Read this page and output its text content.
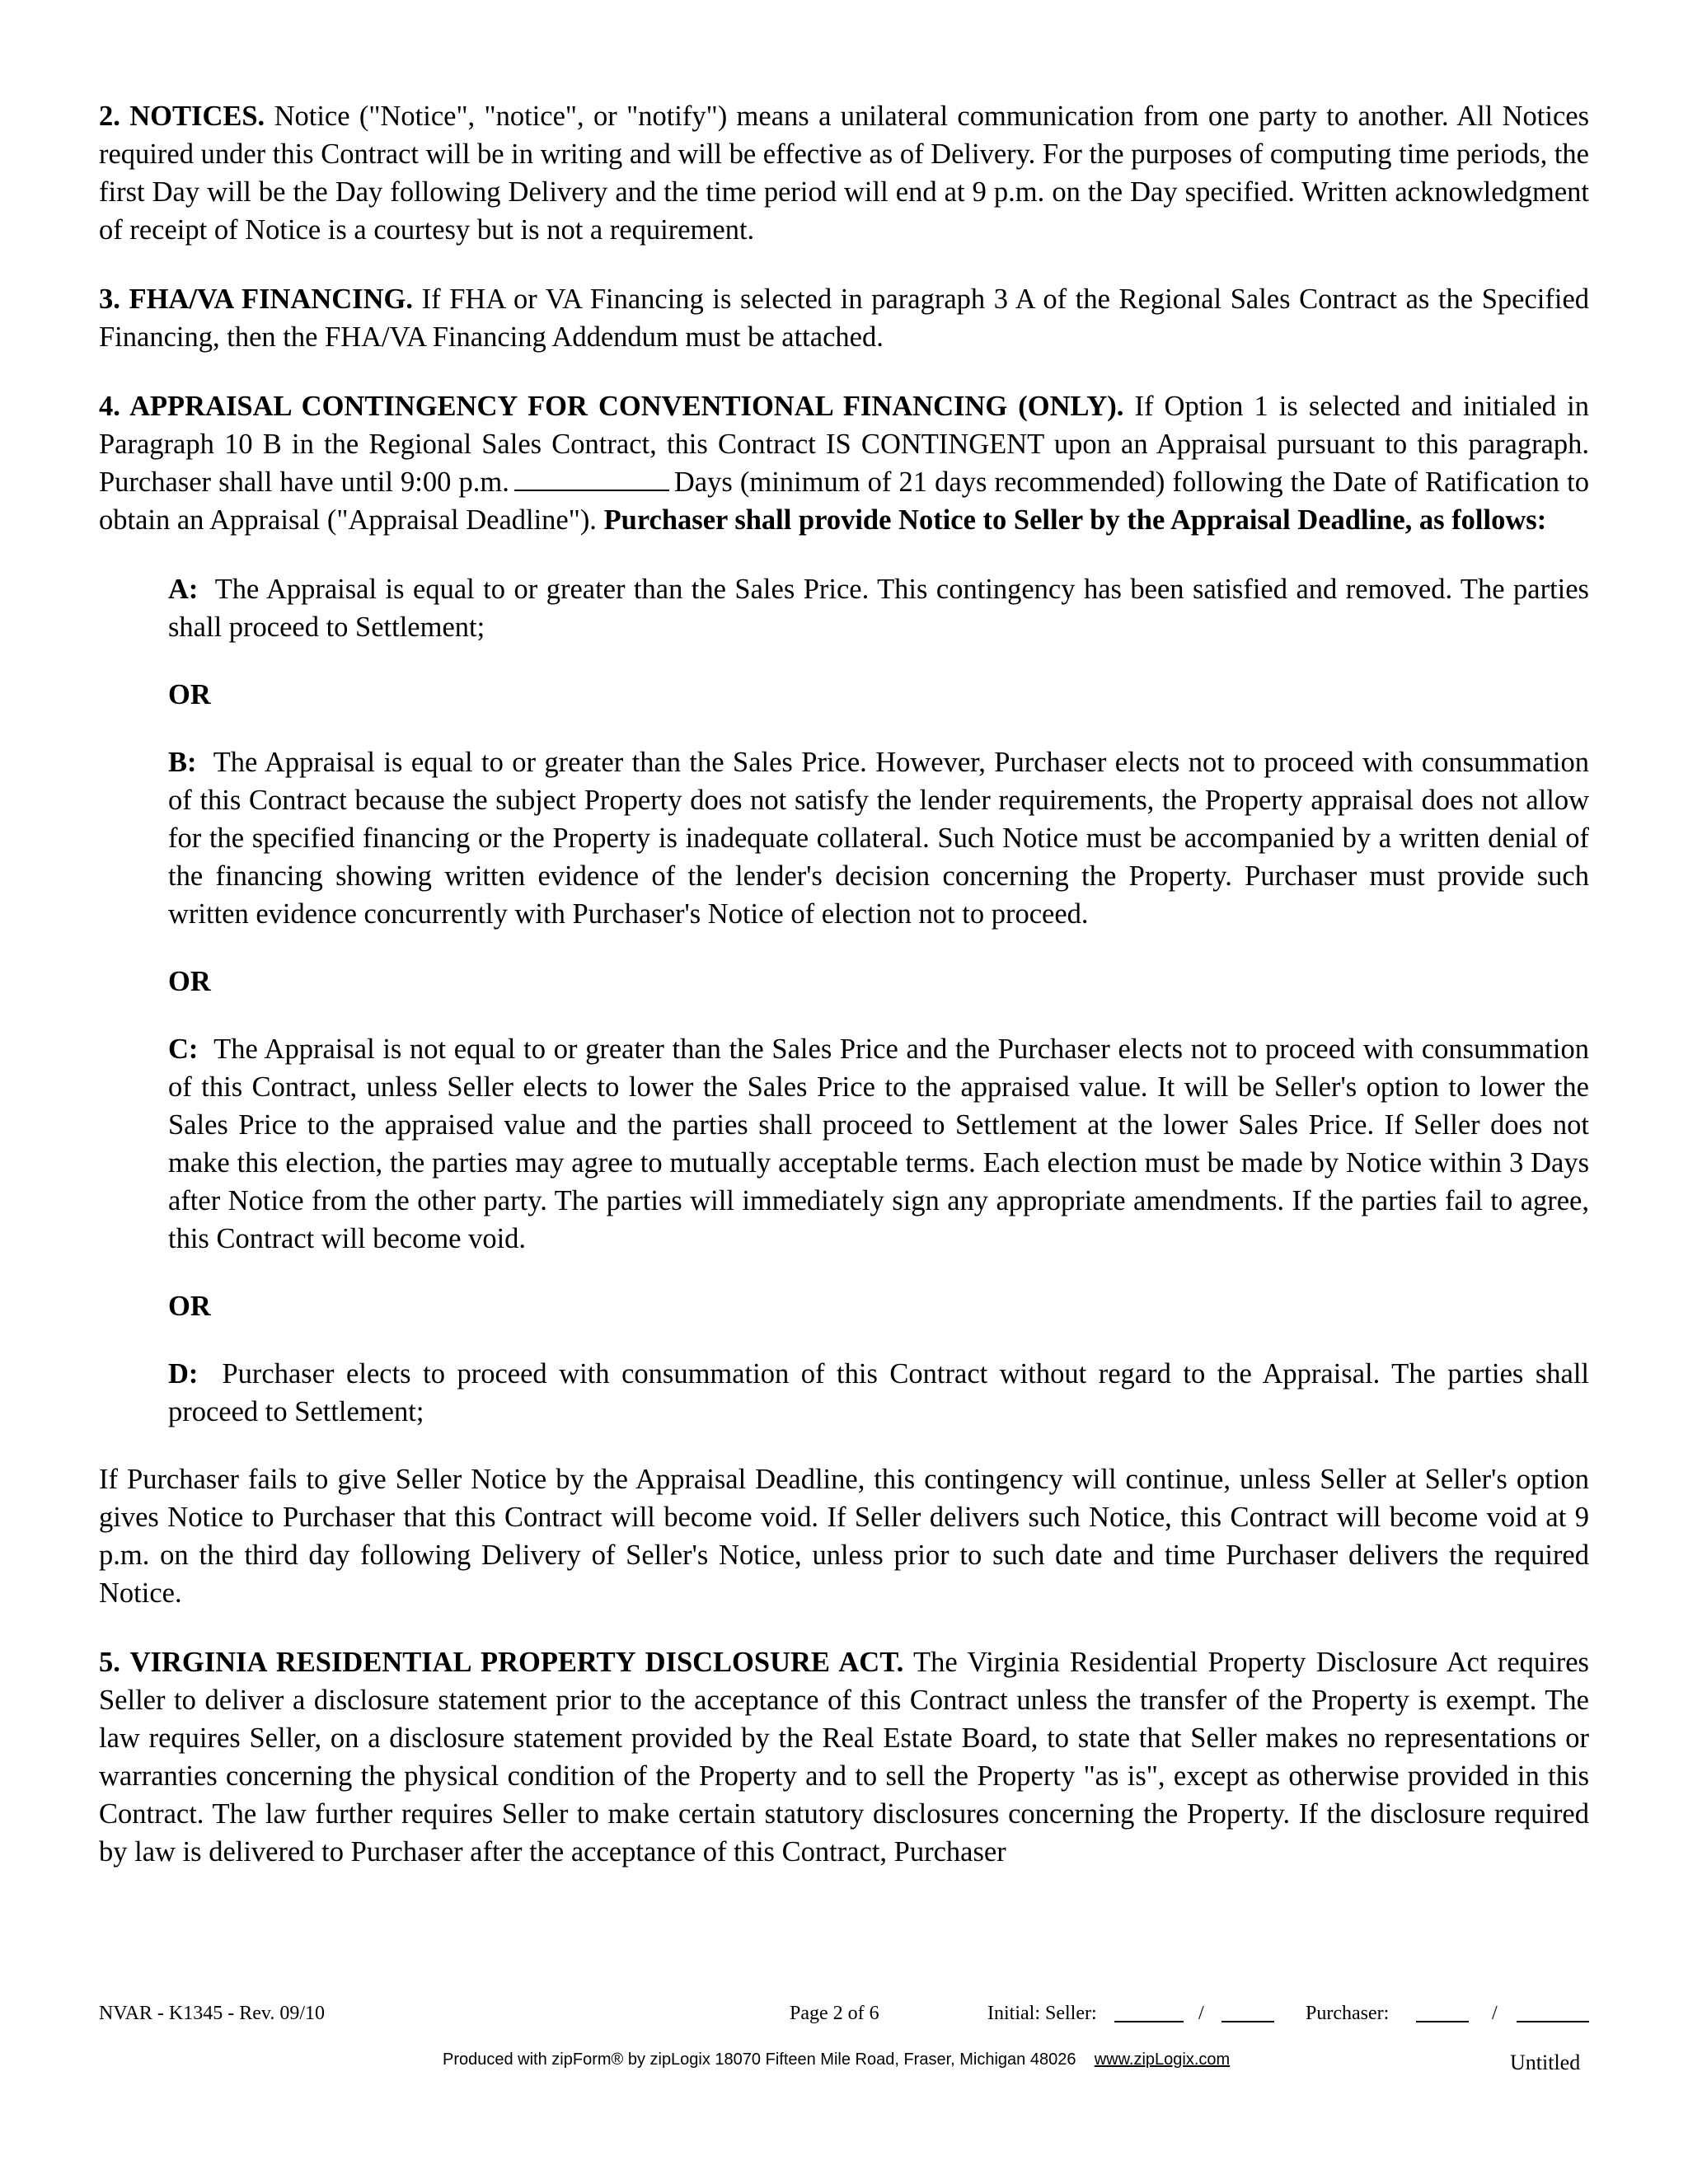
2. NOTICES. Notice ("Notice", "notice", or "notify") means a unilateral communication from one party to another. All Notices required under this Contract will be in writing and will be effective as of Delivery. For the purposes of computing time periods, the first Day will be the Day following Delivery and the time period will end at 9 p.m. on the Day specified. Written acknowledgment of receipt of Notice is a courtesy but is not a requirement.

3. FHA/VA FINANCING. If FHA or VA Financing is selected in paragraph 3 A of the Regional Sales Contract as the Specified Financing, then the FHA/VA Financing Addendum must be attached.

4. APPRAISAL CONTINGENCY FOR CONVENTIONAL FINANCING (ONLY). If Option 1 is selected and initialed in Paragraph 10 B in the Regional Sales Contract, this Contract IS CONTINGENT upon an Appraisal pursuant to this paragraph. Purchaser shall have until 9:00 p.m.	Days (minimum of 21 days recommended) following the Date of Ratification to obtain an Appraisal ("Appraisal Deadline"). Purchaser shall provide Notice to Seller by the Appraisal Deadline, as follows:

A: The Appraisal is equal to or greater than the Sales Price. This contingency has been satisfied and removed. The parties shall proceed to Settlement;

OR

B: The Appraisal is equal to or greater than the Sales Price. However, Purchaser elects not to proceed with consummation of this Contract because the subject Property does not satisfy the lender requirements, the Property appraisal does not allow for the specified financing or the Property is inadequate collateral. Such Notice must be accompanied by a written denial of the financing showing written evidence of the lender's decision concerning the Property. Purchaser must provide such written evidence concurrently with Purchaser's Notice of election not to proceed.

OR

C: The Appraisal is not equal to or greater than the Sales Price and the Purchaser elects not to proceed with consummation of this Contract, unless Seller elects to lower the Sales Price to the appraised value. It will be Seller's option to lower the Sales Price to the appraised value and the parties shall proceed to Settlement at the lower Sales Price. If Seller does not make this election, the parties may agree to mutually acceptable terms. Each election must be made by Notice within 3 Days after Notice from the other party. The parties will immediately sign any appropriate amendments. If the parties fail to agree, this Contract will become void.

OR

D: Purchaser elects to proceed with consummation of this Contract without regard to the Appraisal. The parties shall proceed to Settlement;

If Purchaser fails to give Seller Notice by the Appraisal Deadline, this contingency will continue, unless Seller at Seller's option gives Notice to Purchaser that this Contract will become void. If Seller delivers such Notice, this Contract will become void at 9 p.m. on the third day following Delivery of Seller's Notice, unless prior to such date and time Purchaser delivers the required Notice.

5. VIRGINIA RESIDENTIAL PROPERTY DISCLOSURE ACT. The Virginia Residential Property Disclosure Act requires Seller to deliver a disclosure statement prior to the acceptance of this Contract unless the transfer of the Property is exempt. The law requires Seller, on a disclosure statement provided by the Real Estate Board, to state that Seller makes no representations or warranties concerning the physical condition of the Property and to sell the Property "as is", except as otherwise provided in this Contract. The law further requires Seller to make certain statutory disclosures concerning the Property. If the disclosure required by law is delivered to Purchaser after the acceptance of this Contract, Purchaser

NVAR - K1345 - Rev. 09/10	Page 2 of 6	Initial: Seller:	/	Purchaser:	/
Produced with zipForm® by zipLogix 18070 Fifteen Mile Road, Fraser, Michigan 48026 www.zipLogix.com	Untitled
